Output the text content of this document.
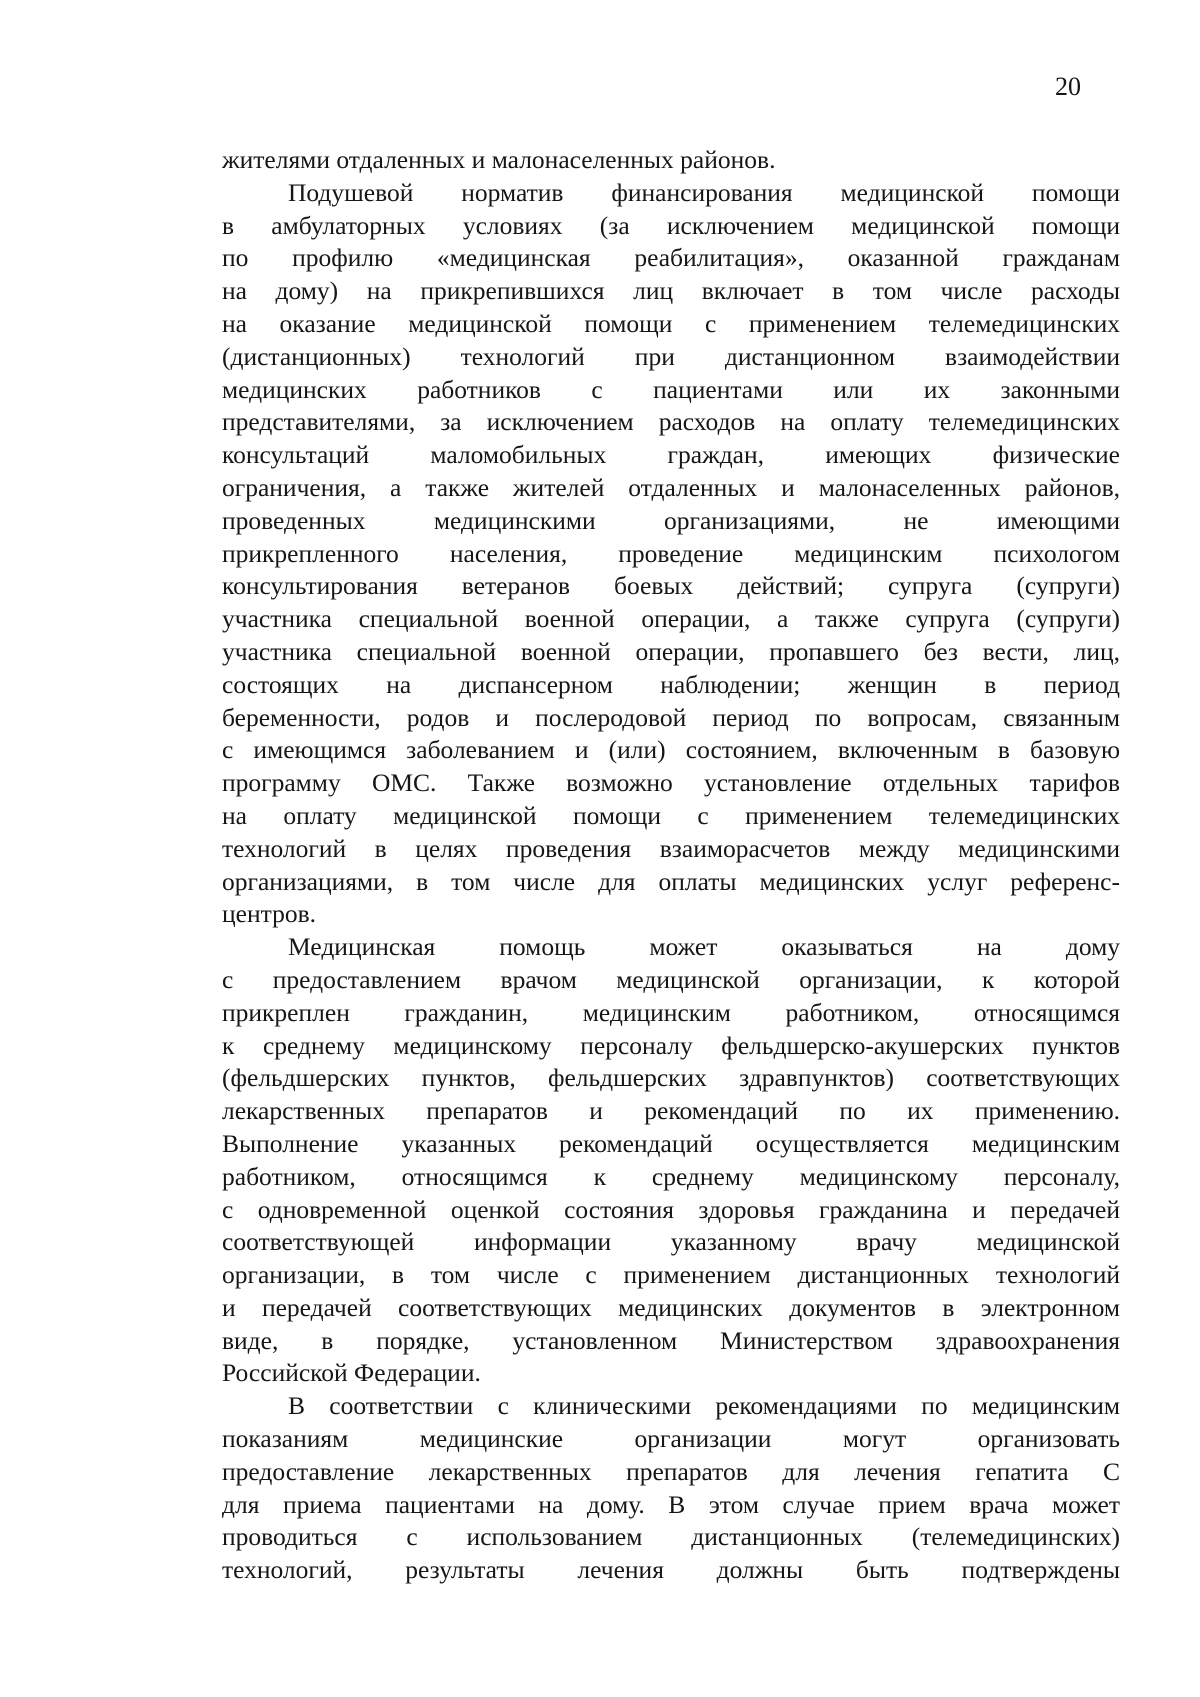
20
жителями отдаленных и малонаселенных районов.
Подушевой норматив финансирования медицинской помощи
в амбулаторных условиях (за исключением медицинской помощи
по профилю «медицинская реабилитация», оказанной гражданам
на дому) на прикрепившихся лиц включает в том числе расходы
на оказание медицинской помощи с применением телемедицинских
(дистанционных) технологий при дистанционном взаимодействии
медицинских работников с пациентами или их законными
представителями, за исключением расходов на оплату телемедицинских
консультаций маломобильных граждан, имеющих физические
ограничения, а также жителей отдаленных и малонаселенных районов,
проведенных медицинскими организациями, не имеющими
прикрепленного населения, проведение медицинским психологом
консультирования ветеранов боевых действий; супруга (супруги)
участника специальной военной операции, а также супруга (супруги)
участника специальной военной операции, пропавшего без вести, лиц,
состоящих на диспансерном наблюдении; женщин в период
беременности, родов и послеродовой период по вопросам, связанным
с имеющимся заболеванием и (или) состоянием, включенным в базовую
программу ОМС. Также возможно установление отдельных тарифов
на оплату медицинской помощи с применением телемедицинских
технологий в целях проведения взаиморасчетов между медицинскими
организациями, в том числе для оплаты медицинских услуг референс-
центров.
Медицинская помощь может оказываться на дому
с предоставлением врачом медицинской организации, к которой
прикреплен гражданин, медицинским работником, относящимся
к среднему медицинскому персоналу фельдшерско-акушерских пунктов
(фельдшерских пунктов, фельдшерских здравпунктов) соответствующих
лекарственных препаратов и рекомендаций по их применению.
Выполнение указанных рекомендаций осуществляется медицинским
работником, относящимся к среднему медицинскому персоналу,
с одновременной оценкой состояния здоровья гражданина и передачей
соответствующей информации указанному врачу медицинской
организации, в том числе с применением дистанционных технологий
и передачей соответствующих медицинских документов в электронном
виде, в порядке, установленном Министерством здравоохранения
Российской Федерации.
В соответствии с клиническими рекомендациями по медицинским
показаниям медицинские организации могут организовать
предоставление лекарственных препаратов для лечения гепатита С
для приема пациентами на дому. В этом случае прием врача может
проводиться с использованием дистанционных (телемедицинских)
технологий, результаты лечения должны быть подтверждены
